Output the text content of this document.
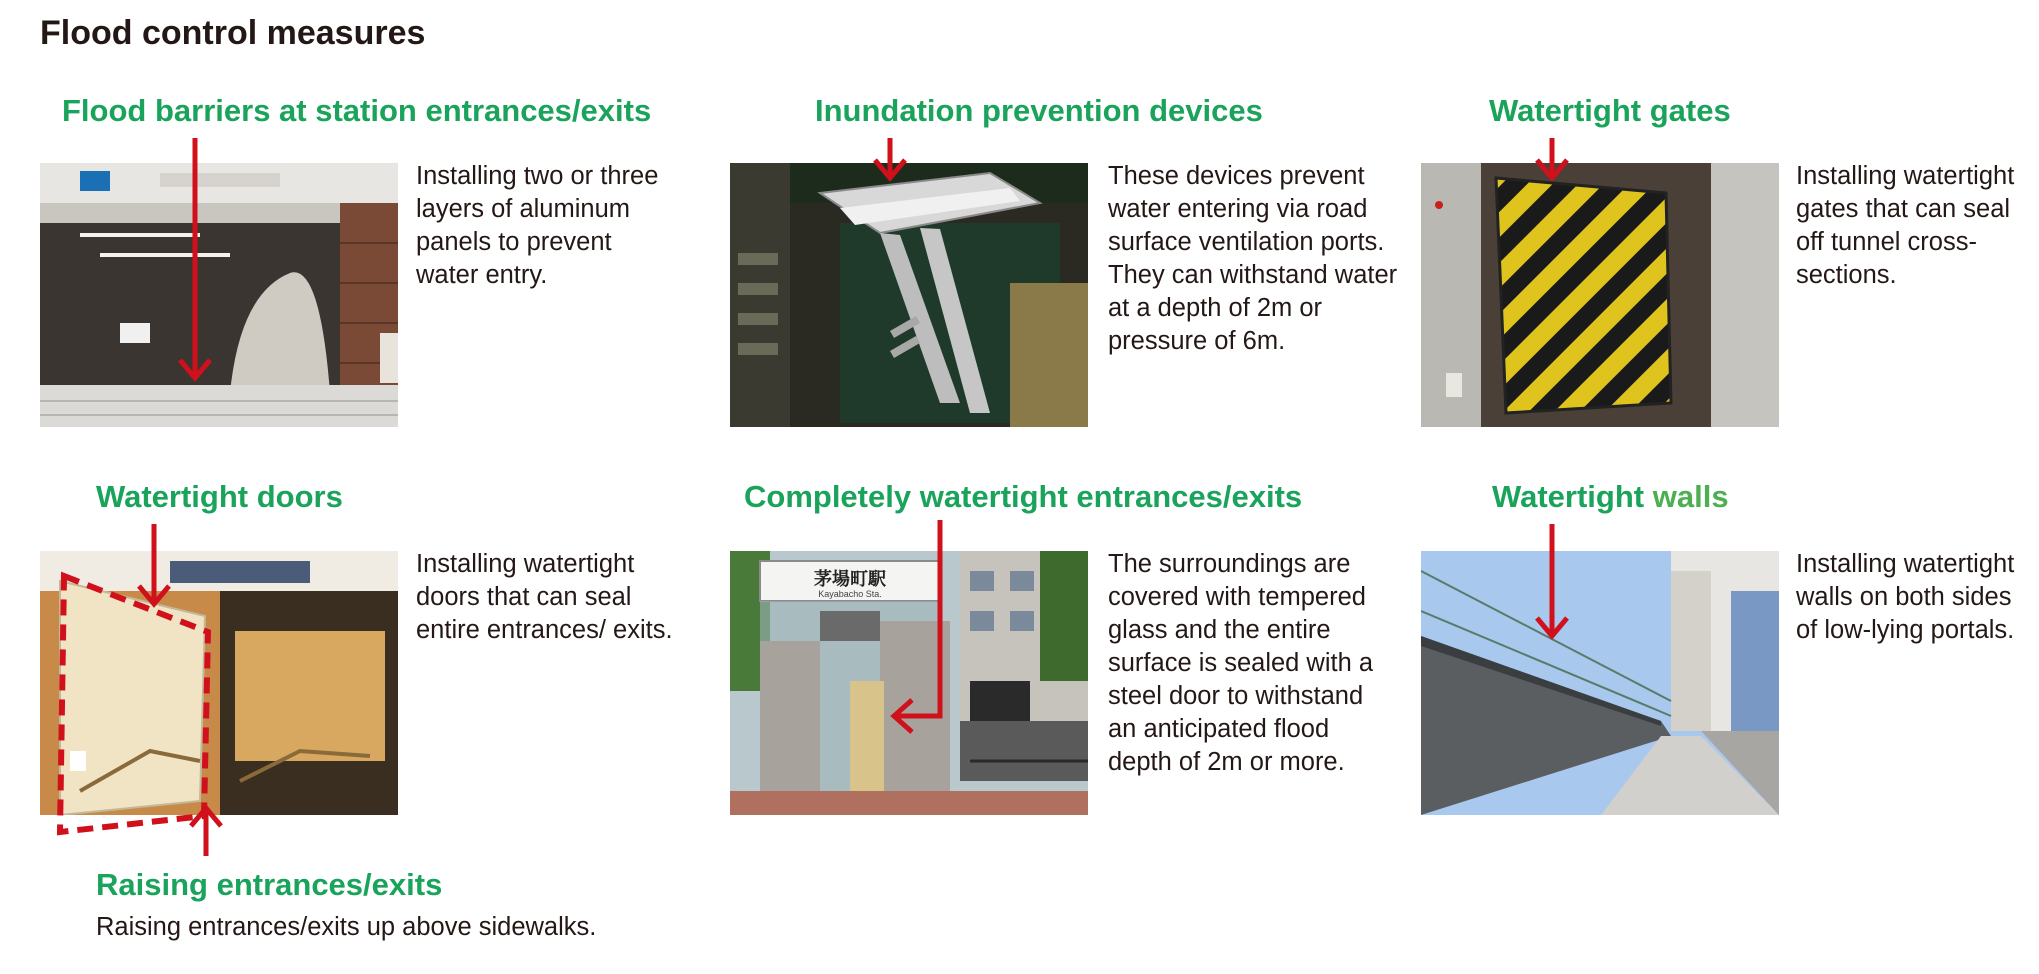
Flood control measures
Flood barriers at station entrances/exits
Installing two or three layers of aluminum panels to prevent water entry.
Inundation prevention devices
These devices prevent water entering via road surface ventilation ports. They can withstand water at a depth of 2m or pressure of 6m.
Watertight gates
Installing watertight gates that can seal off tunnel cross-sections.
Watertight doors
Installing watertight doors that can seal entire entrances/ exits.
Completely watertight entrances/exits
茅場町駅
Kayabacho Sta.
The surroundings are covered with tempered glass and the entire surface is sealed with a steel door to withstand an anticipated flood depth of 2m or more.
Watertight walls
Installing watertight walls on both sides of low-lying portals.
Raising entrances/exits
Raising entrances/exits up above sidewalks.
